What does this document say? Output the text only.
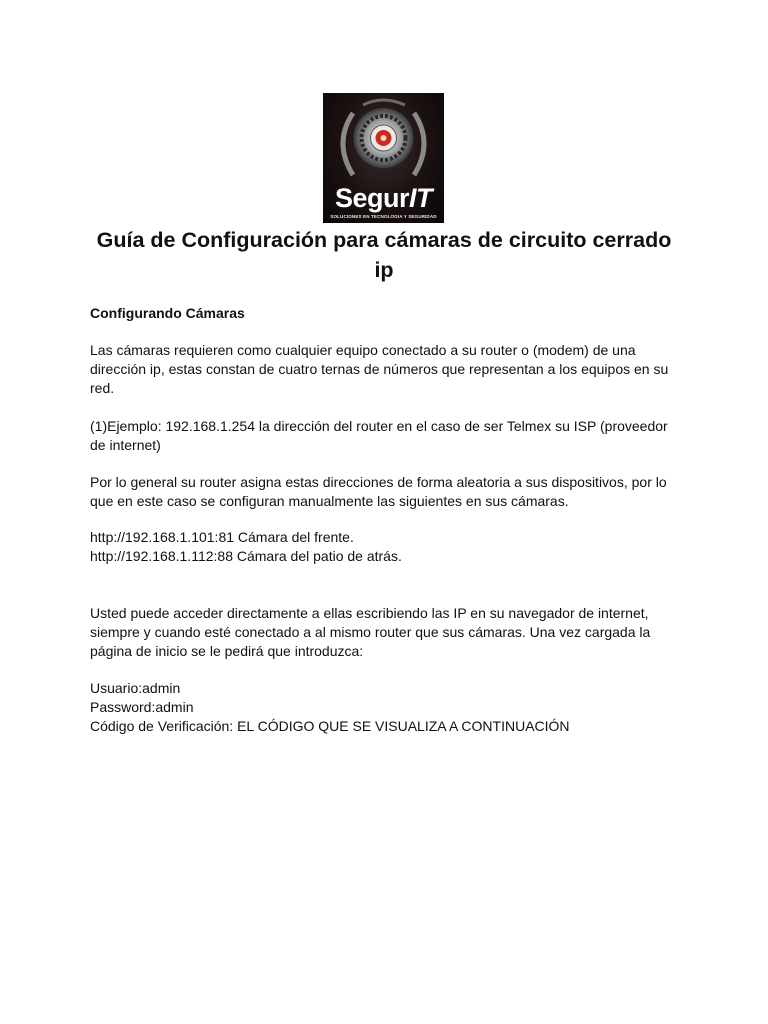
SegurIT
SOLUCIONES EN TECNOLOGIA Y SEGURIDAD
Guía de Configuración para cámaras de circuito cerrado ip

Configurando Cámaras

Las cámaras requieren como cualquier equipo conectado a su router o (modem) de una dirección ip, estas constan de cuatro ternas de números que representan a los equipos en su red.

(1)Ejemplo: 192.168.1.254 la dirección del router en el caso de ser Telmex su ISP (proveedor de internet)

Por lo general su router asigna estas direcciones de forma aleatoria a sus dispositivos, por lo que en este caso se configuran manualmente las siguientes en sus cámaras.

http://192.168.1.101:81 Cámara del frente.
http://192.168.1.112:88 Cámara del patio de atrás.

Usted puede acceder directamente a ellas escribiendo las IP en su navegador de internet, siempre y cuando esté conectado a al mismo router que sus cámaras. Una vez cargada la página de inicio se le pedirá que introduzca:

Usuario:admin
Password:admin
Código de Verificación: EL CÓDIGO QUE SE VISUALIZA A CONTINUACIÓN
